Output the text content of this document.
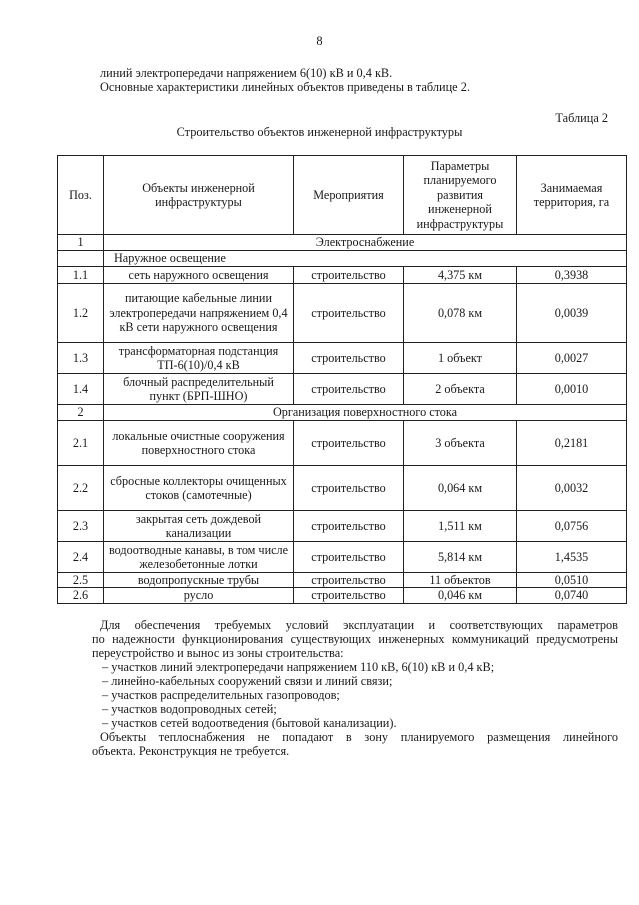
8
линий электропередачи напряжением 6(10) кВ и 0,4 кВ.
Основные характеристики линейных объектов приведены в таблице 2.
Таблица 2
Строительство объектов инженерной инфраструктуры
Поз.	Объекты инженерной инфраструктуры	Мероприятия	Параметры планируемого развития инженерной инфраструктуры	Занимаемая территория, га
1	Электроснабжение			
	Наружное освещение			
1.1	сеть наружного освещения	строительство	4,375 км	0,3938
1.2	питающие кабельные линии электропередачи напряжением 0,4 кВ сети наружного освещения	строительство	0,078 км	0,0039
1.3	трансформаторная подстанция ТП-6(10)/0,4 кВ	строительство	1 объект	0,0027
1.4	блочный распределительный пункт (БРП-ШНО)	строительство	2 объекта	0,0010
2	Организация поверхностного стока			
2.1	локальные очистные сооружения поверхностного стока	строительство	3 объекта	0,2181
2.2	сбросные коллекторы очищенных стоков (самотечные)	строительство	0,064 км	0,0032
2.3	закрытая сеть дождевой канализации	строительство	1,511 км	0,0756
2.4	водоотводные канавы, в том числе железобетонные лотки	строительство	5,814 км	1,4535
2.5	водопропускные трубы	строительство	11 объектов	0,0510
2.6	русло	строительство	0,046 км	0,0740
Для обеспечения требуемых условий эксплуатации и соответствующих параметров
по надежности функционирования существующих инженерных коммуникаций предусмотрены
переустройство и вынос из зоны строительства:
– участков линий электропередачи напряжением 110 кВ, 6(10) кВ и 0,4 кВ;
– линейно-кабельных сооружений связи и линий связи;
– участков распределительных газопроводов;
– участков водопроводных сетей;
– участков сетей водоотведения (бытовой канализации).
Объекты теплоснабжения не попадают в зону планируемого размещения линейного
объекта. Реконструкция не требуется.
